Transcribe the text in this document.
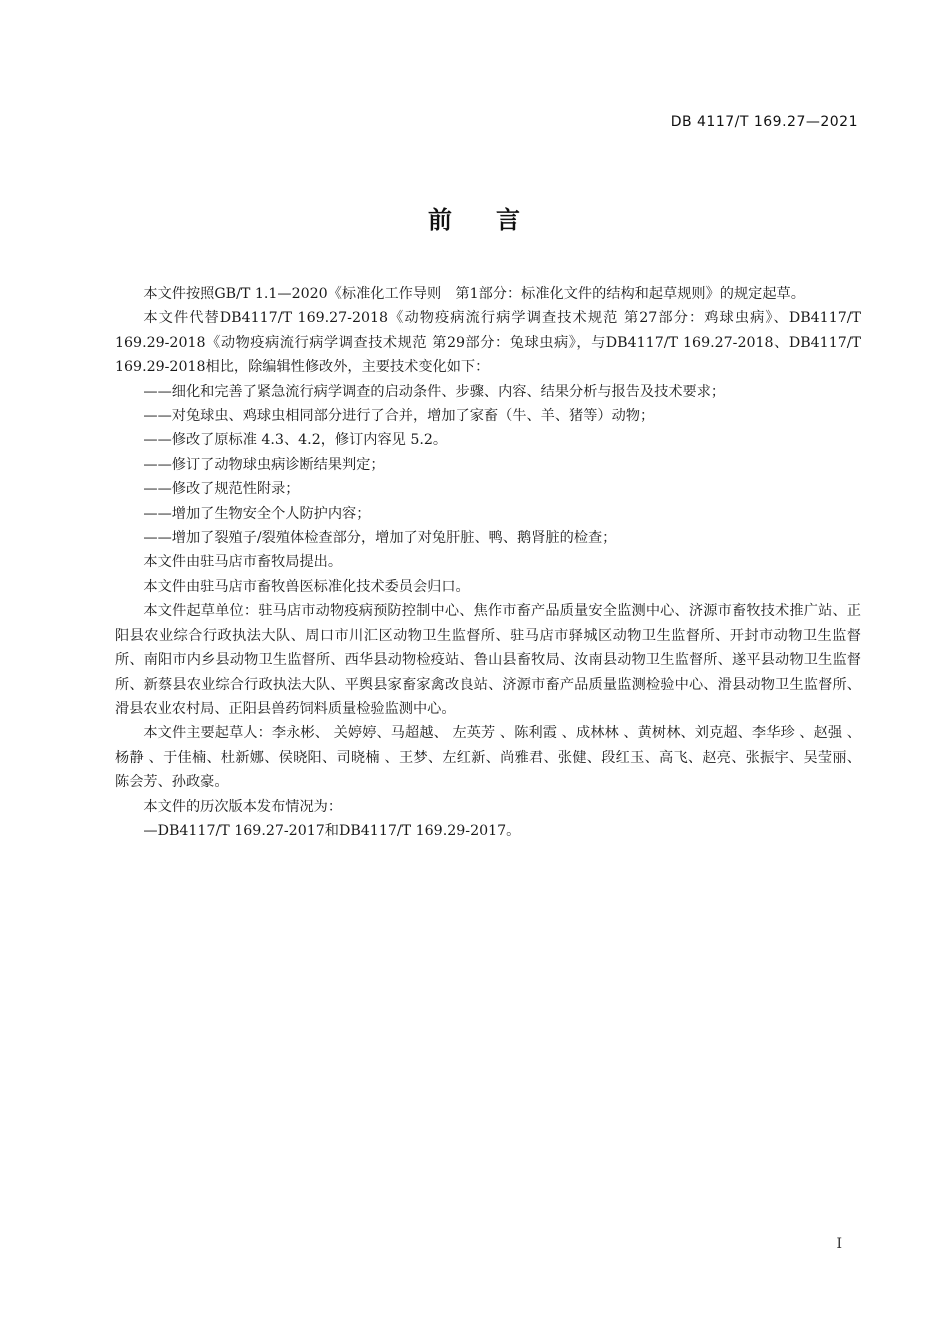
DB 4117/T 169.27—2021
前 言

本文件按照GB/T 1.1—2020《标准化工作导则　第1部分：标准化文件的结构和起草规则》的规定起草。

本文件代替DB4117/T 169.27-2018《动物疫病流行病学调查技术规范 第27部分：鸡球虫病》、DB4117/T 169.29-2018《动物疫病流行病学调查技术规范 第29部分：兔球虫病》，与DB4117/T 169.27-2018、DB4117/T 169.29-2018相比，除编辑性修改外，主要技术变化如下：

——细化和完善了紧急流行病学调查的启动条件、步骤、内容、结果分析与报告及技术要求；

——对兔球虫、鸡球虫相同部分进行了合并，增加了家畜（牛、羊、猪等）动物；

——修改了原标准 4.3、4.2，修订内容见 5.2。

——修订了动物球虫病诊断结果判定；

——修改了规范性附录；

——增加了生物安全个人防护内容；

——增加了裂殖子/裂殖体检查部分，增加了对兔肝脏、鸭、鹅肾脏的检查；

本文件由驻马店市畜牧局提出。

本文件由驻马店市畜牧兽医标准化技术委员会归口。

本文件起草单位：驻马店市动物疫病预防控制中心、焦作市畜产品质量安全监测中心、济源市畜牧技术推广站、正阳县农业综合行政执法大队、周口市川汇区动物卫生监督所、驻马店市驿城区动物卫生监督所、开封市动物卫生监督所、南阳市内乡县动物卫生监督所、西华县动物检疫站、鲁山县畜牧局、汝南县动物卫生监督所、遂平县动物卫生监督所、新蔡县农业综合行政执法大队、平舆县家畜家禽改良站、济源市畜产品质量监测检验中心、滑县动物卫生监督所、滑县农业农村局、正阳县兽药饲料质量检验监测中心。

本文件主要起草人：李永彬、 关婷婷、马超越、 左英芳 、陈利霞 、成林林 、黄树林、刘克超、李华珍 、赵强 、杨静 、于佳楠、杜新娜、侯晓阳、司晓楠 、王梦、左红新、尚雅君、张健、段红玉、高飞、赵亮、张振宇、吴莹丽、陈会芳、孙政豪。

本文件的历次版本发布情况为：

—DB4117/T 169.27-2017和DB4117/T 169.29-2017。

I
